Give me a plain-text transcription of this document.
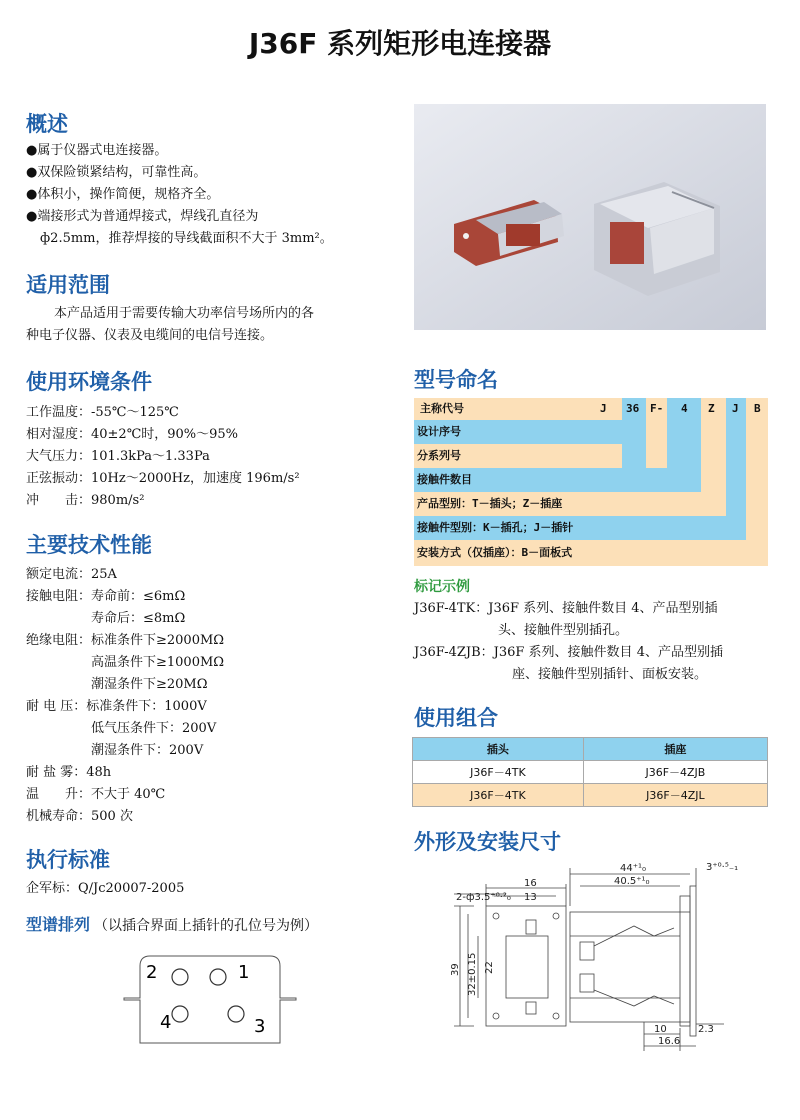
J36F 系列矩形电连接器
概述

●属于仪器式电连接器。

●双保险锁紧结构，可靠性高。

●体积小，操作简便，规格齐全。

●端接形式为普通焊接式，焊线孔直径为

ф2.5mm，推荐焊接的导线截面积不大于 3mm²。

适用范围

本产品适用于需要传输大功率信号场所内的各

种电子仪器、仪表及电缆间的电信号连接。

使用环境条件

工作温度：-55℃～125℃

相对湿度：40±2℃时，90%～95%

大气压力：101.3kPa～1.33Pa

正弦振动：10Hz～2000Hz，加速度 196m/s²

冲　　击：980m/s²

主要技术性能

额定电流：25A

接触电阻：寿命前：≤6mΩ

　　　　　寿命后：≤8mΩ

绝缘电阻：标准条件下≥2000MΩ

　　　　　高温条件下≥1000MΩ

　　　　　潮湿条件下≥20MΩ

耐 电 压：标准条件下：1000V

　　　　　低气压条件下：200V

　　　　　潮湿条件下：200V

耐 盐 雾：48h

温　　升：不大于 40℃

机械寿命：500 次

执行标准
企军标：Q/Jc20007-2005
型谱排列 （以插合界面上插针的孔位号为例）
2	1
4	3
型号命名
主称代号	J 36 F- 4 Z J B
设计序号
分系列号
接触件数目
产品型别：T－插头；Z－插座
接触件型别：K－插孔；J－插针
安装方式（仅插座）：B－面板式
标记示例

J36F-4TK：J36F 系列、接触件数目 4、产品型别插

头、接触件型别插孔。

J36F-4ZJB：J36F 系列、接触件数目 4、产品型别插

座、接触件型别插针、面板安装。

使用组合
插头	插座
J36F－4TK	J36F－4ZJB
J36F－4TK	J36F－4ZJL
外形及安装尺寸
2-ф3.5⁺⁰·²₀
16
13
39 32±0.15 22
44⁺¹₀
40.5⁺¹₀
3⁺⁰·⁵₋₁
10	2.3
16.6
